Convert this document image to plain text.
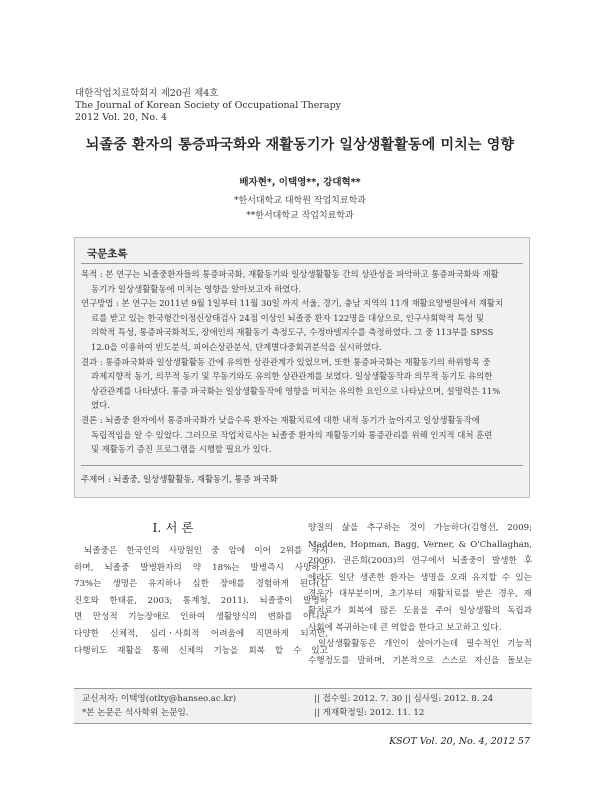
대한작업치료학회지 제20권 제4호
The Journal of Korean Society of Occupational Therapy
2012 Vol. 20, No. 4
뇌졸중 환자의 통증파국화와 재활동기가 일상생활활동에 미치는 영향
배자현*, 이택영**, 강대혁**
*한서대학교 대학원 작업치료학과
**한서대학교 작업치료학과
국문초록
목적 : 본 연구는 뇌졸중환자들의 통증파국화, 재활동기와 일상생활활동 간의 상관성을 파악하고 통증파국화와 재활
동기가 일상생활활동에 미치는 영향을 알아보고자 하였다.
연구방법 : 본 연구는 2011년 9월 1일부터 11월 30일 까지 서울, 경기, 충남 지역의 11개 재활요양병원에서 재활치
료를 받고 있는 한국형간이정신상태검사 24점 이상인 뇌졸중 환자 122명을 대상으로, 인구사회학적 특성 및
의학적 특성, 통증파국화척도, 장애인의 재활동기 측정도구, 수정바델지수를 측정하였다. 그 중 113부를 SPSS
12.0을 이용하여 빈도분석, 피어슨상관분석, 단계별다중회귀분석을 실시하였다.
결과 : 통증파국화와 일상생활활동 간에 유의한 상관관계가 있었으며, 또한 통증파국화는 재활동기의 하위항목 중
과제지향적 동기, 의무적 동기 및 무동기와도 유의한 상관관계를 보였다. 일상생활동작과 의무적 동기도 유의한
상관관계를 나타냈다. 통증 파국화는 일상생활동작에 영향을 미치는 유의한 요인으로 나타났으며, 설명력은 11%
였다.
결론 : 뇌졸중 환자에서 통증파국화가 낮을수록 환자는 재활치료에 대한 내적 동기가 높아지고 일상생활동작에
독립적임을 알 수 있었다. 그러므로 작업치료사는 뇌졸중 환자의 재활동기와 통증관리를 위해 인지적 대처 훈련
및 재활동기 증진 프로그램을 시행할 필요가 있다.
주제어 : 뇌졸중, 일상생활활동, 재활동기, 통증 파국화
I. 서 론
뇌졸중은 한국인의 사망원인 중 암에 이어 2위를 차지
하며, 뇌졸중 발병환자의 약 18%는 발병즉시 사망하고
73%는 생명은 유지하나 심한 장애를 경험하게 된다(김
진호와 한태륜, 2003; 통계청, 2011). 뇌졸중이 발병하
면 만성적 기능장애로 인하여 생활양식의 변화를 아니라
다양한 신체적, 심리ㆍ사회적 어려움에 직면하게 되지만,
다행히도 재활을 통해 신체의 기능을 회복 할 수 있고
양질의 삶을 추구하는 것이 가능하다(김형선, 2009;
Madden, Hopman, Bagg, Verner, & O'Challaghan,
2006). 권은희(2003)의 연구에서 뇌졸중이 발생한 후
에라도 일단 생존한 환자는 생명을 오래 유지할 수 있는
경우가 대부분이며, 초기부터 재활치료를 받은 경우, 재
활치료가 회복에 많은 도움을 주어 일상생활의 독립과
사회에 복귀하는데 큰 역할을 한다고 보고하고 있다.
일상생활활동은 개인이 살아가는데 필수적인 기능적
수행정도를 말하며, 기본적으로 스스로 자신을 돌보는
교신저자: 이택영(otlty@hanseo.ac.kr)
*본 논문은 석사학위 논문임.
|| 접수일: 2012. 7. 30 || 심사일: 2012. 8. 24
|| 게재확정일: 2012. 11. 12
KSOT Vol. 20, No. 4, 2012 57
